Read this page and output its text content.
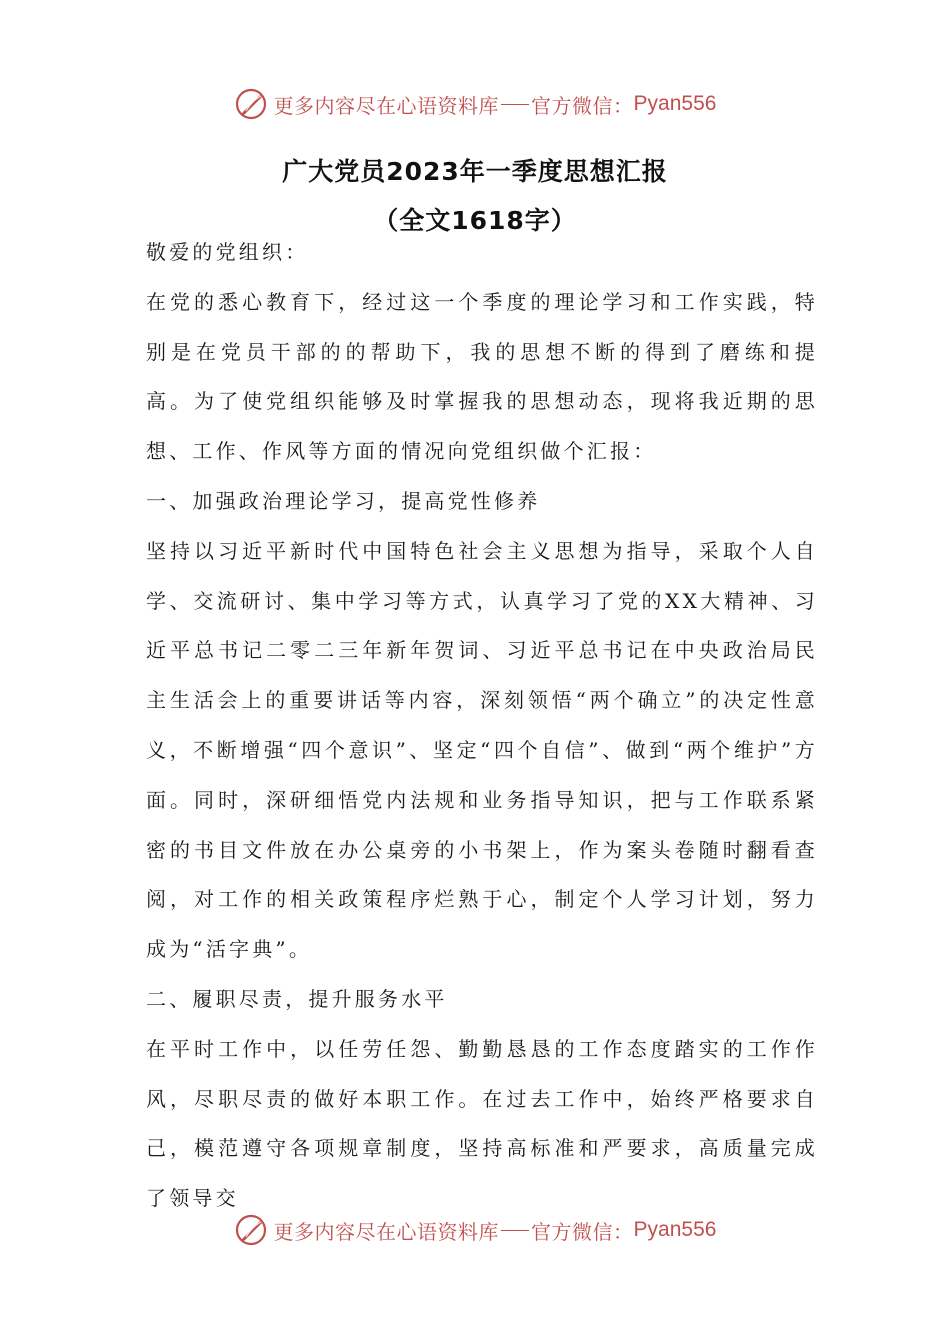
更多内容尽在心语资料库 官方微信： Pyan556
广大党员2023年一季度思想汇报
（全文1618字）

敬爱的党组织：

在党的悉心教育下，经过这一个季度的理论学习和工作实践，特别是在党员干部的的帮助下，我的思想不断的得到了磨练和提高。为了使党组织能够及时掌握我的思想动态，现将我近期的思想、工作、作风等方面的情况向党组织做个汇报：

一、加强政治理论学习，提高党性修养

坚持以习近平新时代中国特色社会主义思想为指导，采取个人自学、交流研讨、集中学习等方式，认真学习了党的XX大精神、习近平总书记二零二三年新年贺词、习近平总书记在中央政治局民主生活会上的重要讲话等内容，深刻领悟“两个确立”的决定性意义，不断增强“四个意识”、坚定“四个自信”、做到“两个维护”方面。同时，深研细悟党内法规和业务指导知识，把与工作联系紧密的书目文件放在办公桌旁的小书架上，作为案头卷随时翻看查阅，对工作的相关政策程序烂熟于心，制定个人学习计划，努力成为“活字典”。

二、履职尽责，提升服务水平

在平时工作中，以任劳任怨、勤勤恳恳的工作态度踏实的工作作风，尽职尽责的做好本职工作。在过去工作中，始终严格要求自己，模范遵守各项规章制度，坚持高标准和严要求，高质量完成了领导交

更多内容尽在心语资料库 官方微信： Pyan556
